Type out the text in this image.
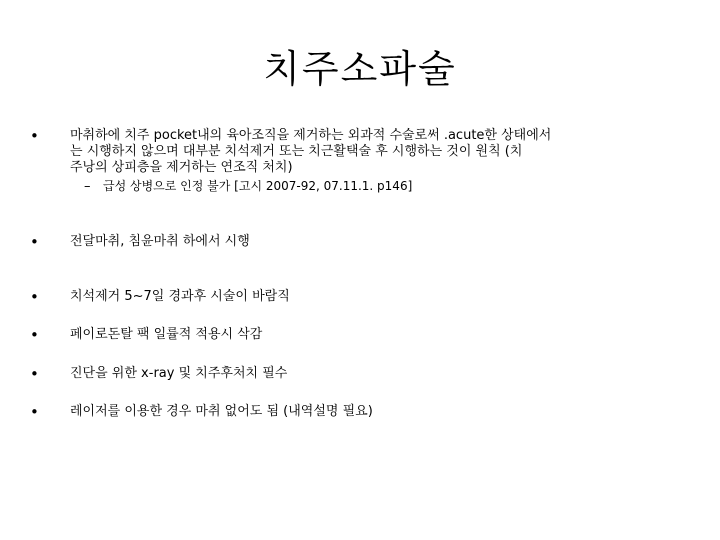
치주소파술
•	마취하에 치주 pocket내의 육아조직을 제거하는 외과적 수술로써 .acute한 상태에서
는 시행하지 않으며 대부분 치석제거 또는 치근활택술 후 시행하는 것이 원칙 (치
주낭의 상피층을 제거하는 연조직 처치)
– 급성 상병으로 인정 불가 [고시 2007-92, 07.11.1. p146]
•	전달마취, 침윤마취 하에서 시행
•	치석제거 5~7일 경과후 시술이 바람직
•	페이로돈탈 팩 일률적 적용시 삭감
•	진단을 위한 x-ray 및 치주후처치 필수
•	레이저를 이용한 경우 마취 없어도 됨 (내역설명 필요)
